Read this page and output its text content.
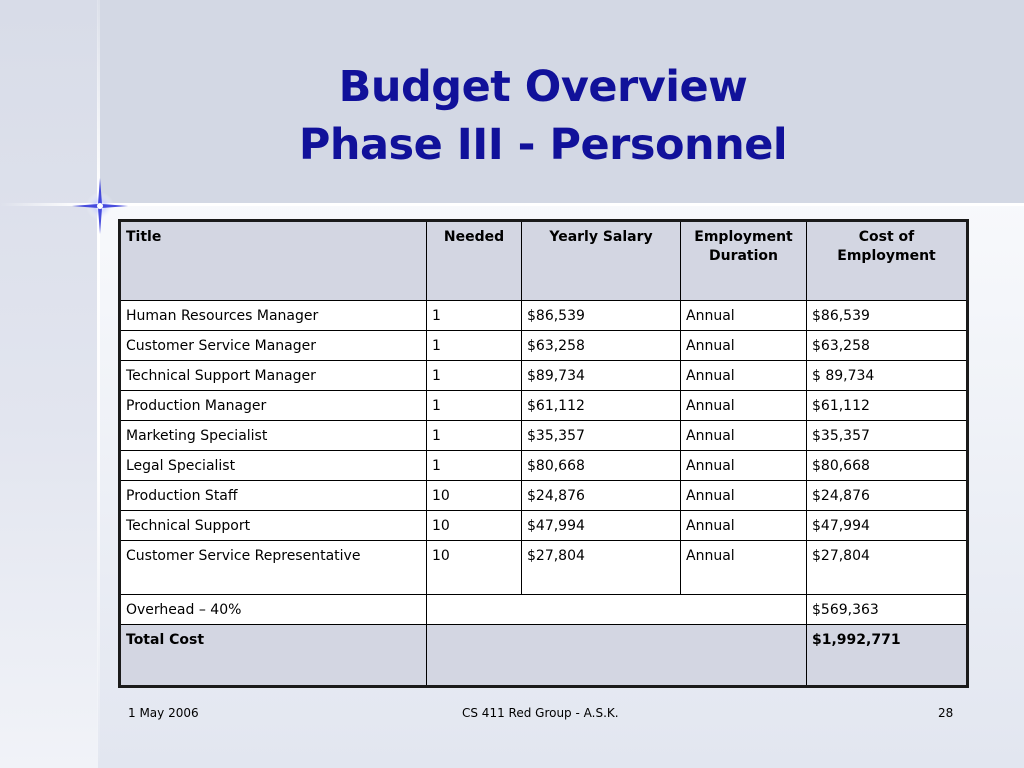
Budget Overview
Phase III - Personnel
Title	Needed	Yearly Salary	Employment Duration	Cost of Employment
Human Resources Manager	1	$86,539	Annual	$86,539
Customer Service Manager	1	$63,258	Annual	$63,258
Technical Support Manager	1	$89,734	Annual	$ 89,734
Production Manager	1	$61,112	Annual	$61,112
Marketing Specialist	1	$35,357	Annual	$35,357
Legal Specialist	1	$80,668	Annual	$80,668
Production Staff	10	$24,876	Annual	$24,876
Technical Support	10	$47,994	Annual	$47,994
Customer Service Representative	10	$27,804	Annual	$27,804
Overhead – 40%				$569,363
Total Cost				$1,992,771
1 May 2006	CS 411 Red Group - A.S.K.	28
